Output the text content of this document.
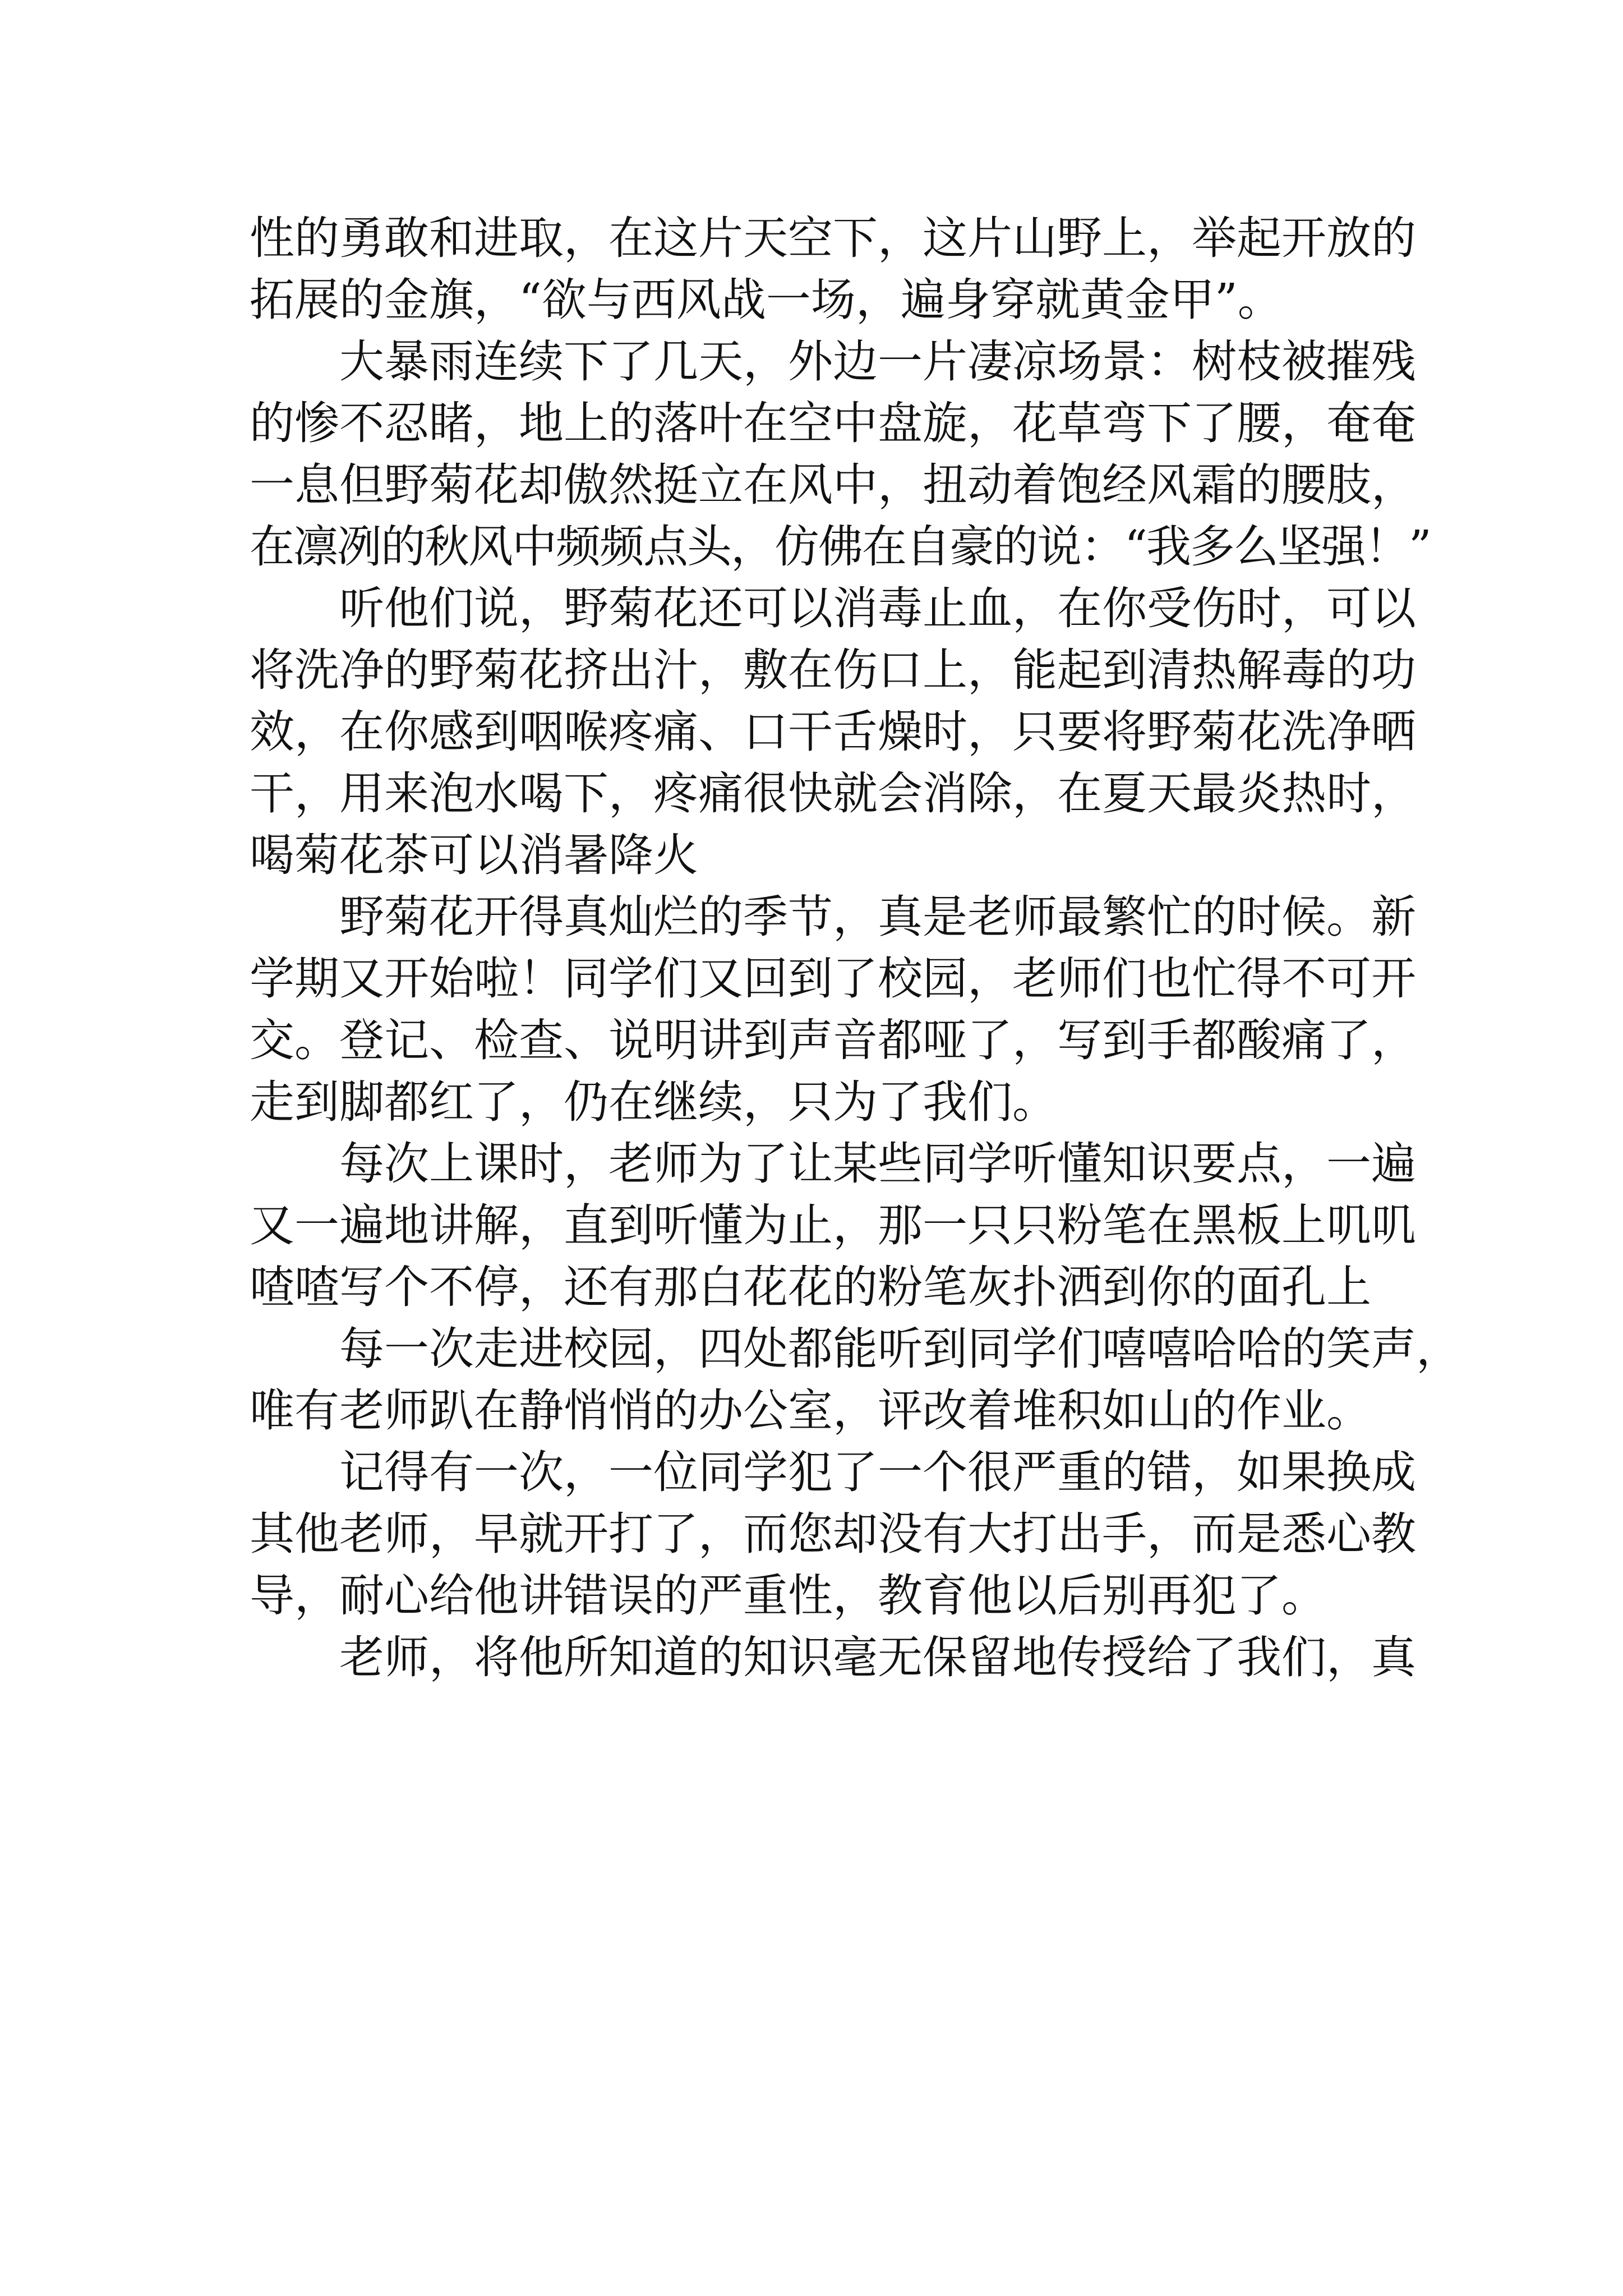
性的勇敢和进取，在这片天空下，这片山野上，举起开放的
拓展的金旗，“欲与西风战一场，遍身穿就黄金甲”。
大暴雨连续下了几天，外边一片凄凉场景：树枝被摧残
的惨不忍睹，地上的落叶在空中盘旋，花草弯下了腰，奄奄
一息但野菊花却傲然挺立在风中，扭动着饱经风霜的腰肢，
在凛冽的秋风中频频点头，仿佛在自豪的说：“我多么坚强！”
听他们说，野菊花还可以消毒止血，在你受伤时，可以
将洗净的野菊花挤出汁，敷在伤口上，能起到清热解毒的功
效，在你感到咽喉疼痛、口干舌燥时，只要将野菊花洗净晒
干，用来泡水喝下，疼痛很快就会消除，在夏天最炎热时，
喝菊花茶可以消暑降火
野菊花开得真灿烂的季节，真是老师最繁忙的时候。新
学期又开始啦！同学们又回到了校园，老师们也忙得不可开
交。登记、检查、说明讲到声音都哑了，写到手都酸痛了，
走到脚都红了，仍在继续，只为了我们。
每次上课时，老师为了让某些同学听懂知识要点，一遍
又一遍地讲解，直到听懂为止，那一只只粉笔在黑板上叽叽
喳喳写个不停，还有那白花花的粉笔灰扑洒到你的面孔上
每一次走进校园，四处都能听到同学们嘻嘻哈哈的笑声，
唯有老师趴在静悄悄的办公室，评改着堆积如山的作业。
记得有一次，一位同学犯了一个很严重的错，如果换成
其他老师，早就开打了，而您却没有大打出手，而是悉心教
导，耐心给他讲错误的严重性，教育他以后别再犯了。
老师，将他所知道的知识毫无保留地传授给了我们，真
